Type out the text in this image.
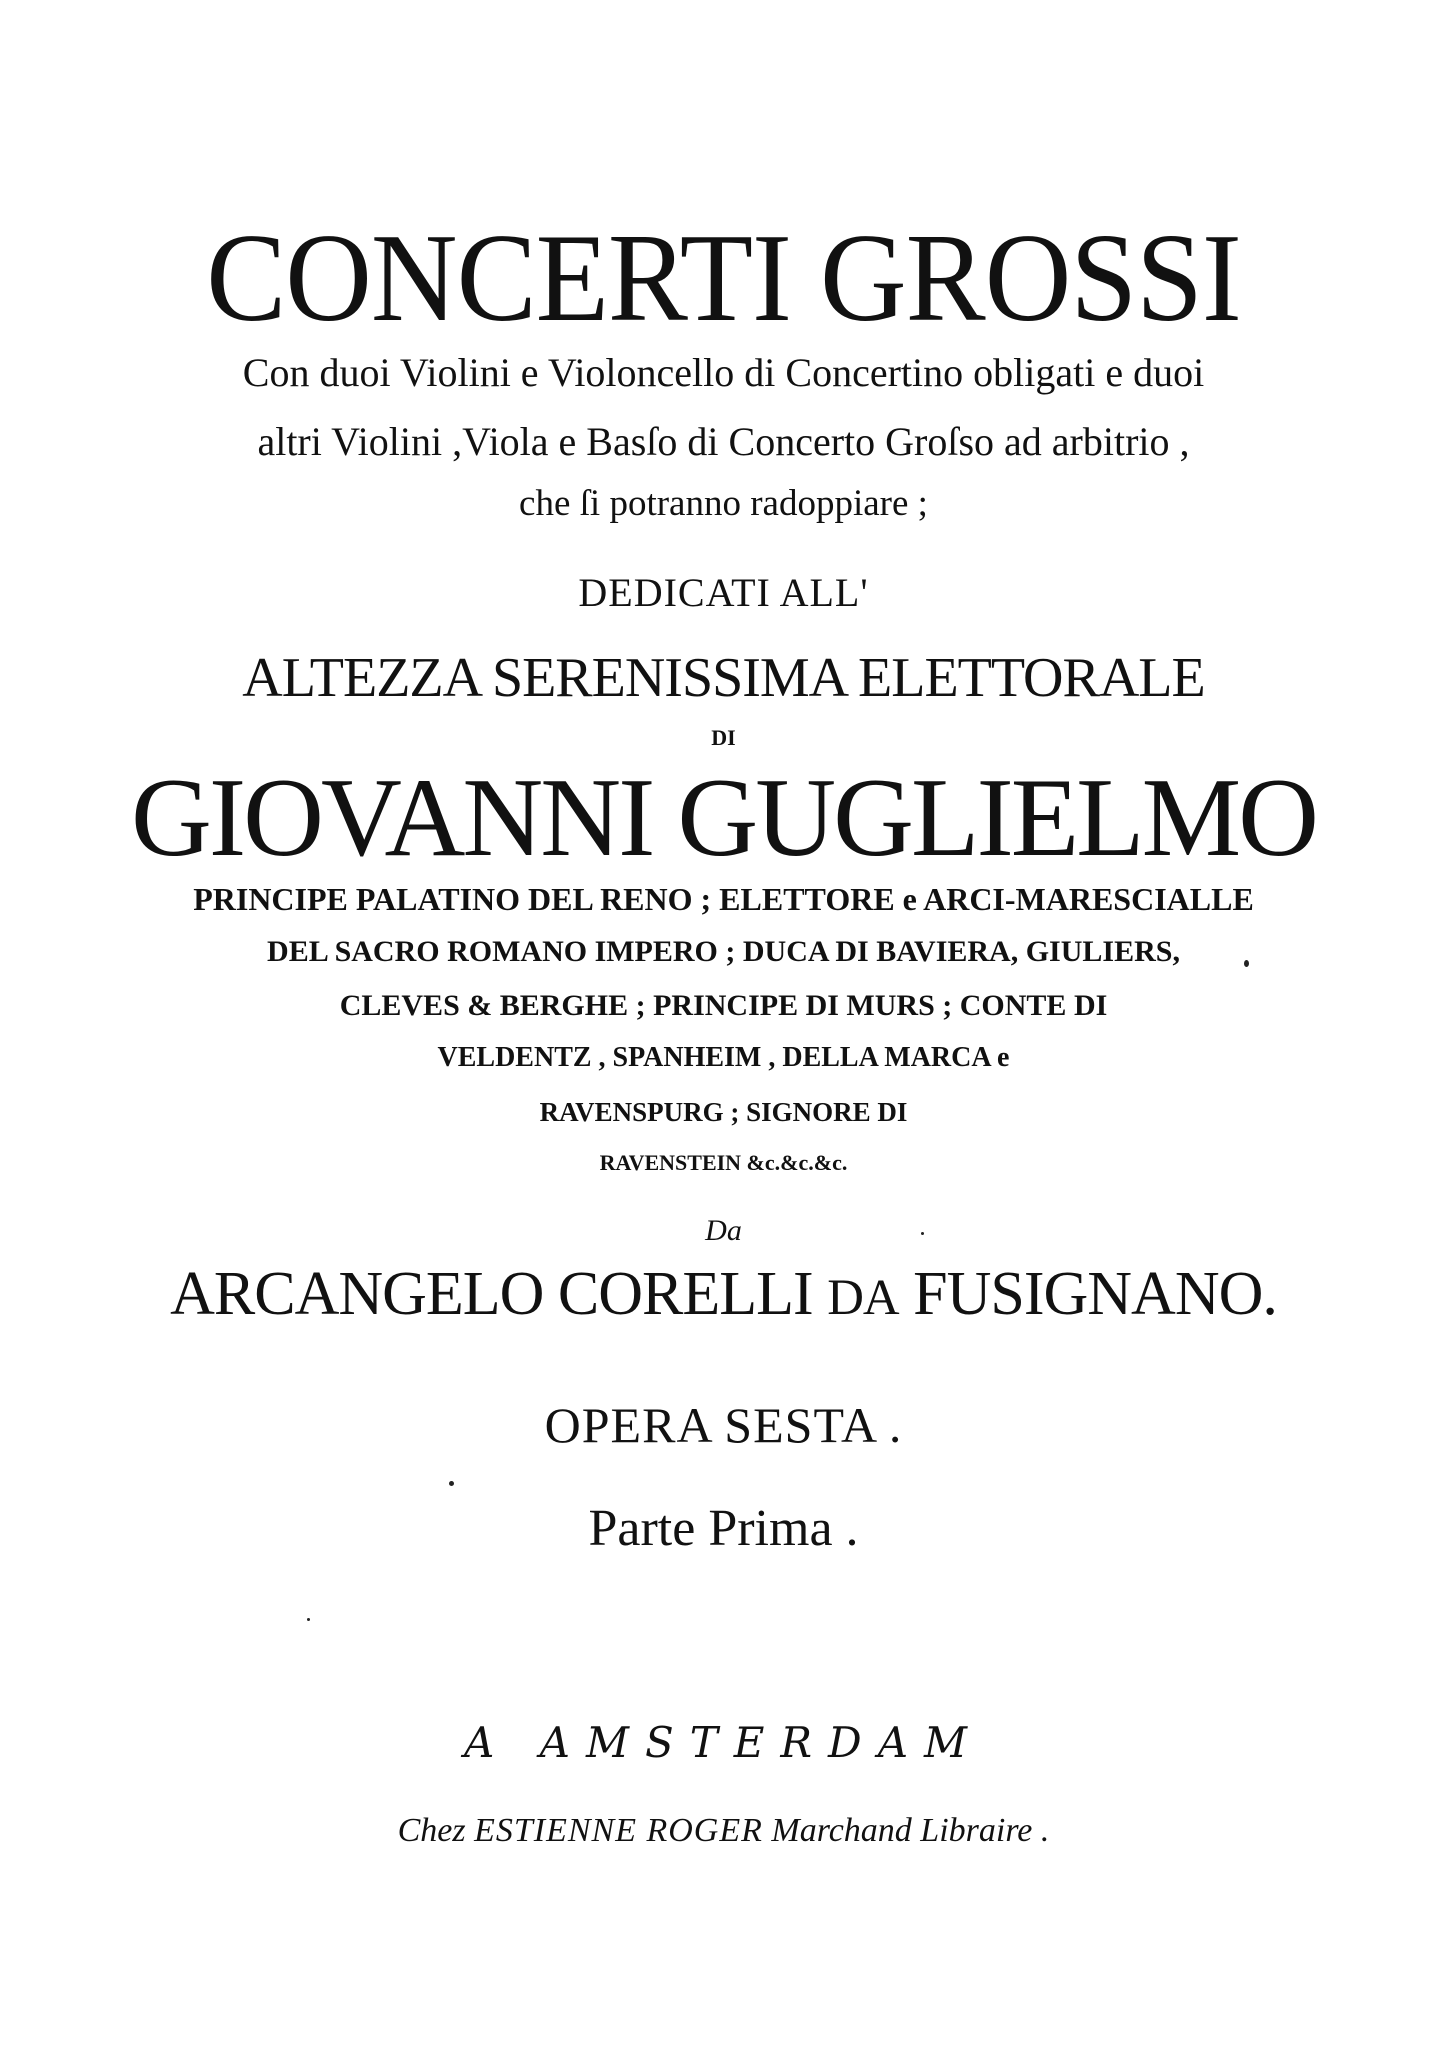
CONCERTI GROSSI
Con duoi Violini e Violoncello di Concertino obligati e duoi
altri Violini ,Viola e Basſo di Concerto Groſso ad arbitrio ,
che ſi potranno radoppiare ;
DEDICATI ALL'
ALTEZZA SERENISSIMA ELETTORALE
DI
GIOVANNI GUGLIELMO
PRINCIPE PALATINO DEL RENO ; ELETTORE e ARCI-MARESCIALLE
DEL SACRO ROMANO IMPERO ; DUCA DI BAVIERA, GIULIERS,
CLEVES & BERGHE ; PRINCIPE DI MURS ; CONTE DI
VELDENTZ , SPANHEIM , DELLA MARCA e
RAVENSPURG ; SIGNORE DI
RAVENSTEIN &c.&c.&c.
Da
ARCANGELO CORELLI DA FUSIGNANO.
OPERA SESTA .
Parte Prima .
A AMSTERDAM
Chez ESTIENNE ROGER Marchand Libraire .
